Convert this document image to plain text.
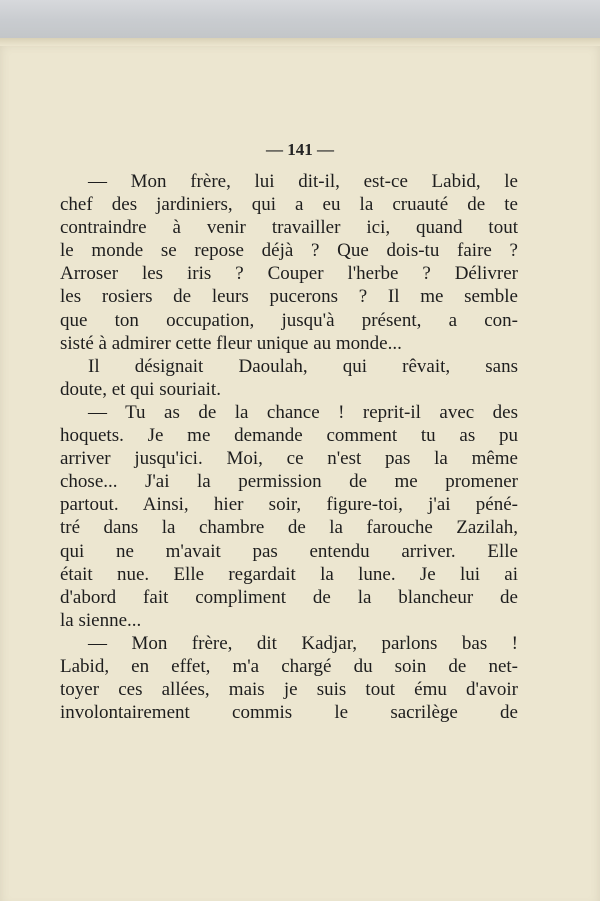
— 141 —
— Mon frère, lui dit-il, est-ce Labid, le
chef des jardiniers, qui a eu la cruauté de te
contraindre à venir travailler ici, quand tout
le monde se repose déjà ? Que dois-tu faire ?
Arroser les iris ? Couper l'herbe ? Délivrer
les rosiers de leurs pucerons ? Il me semble
que ton occupation, jusqu'à présent, a con-
sisté à admirer cette fleur unique au monde...
Il désignait Daoulah, qui rêvait, sans
doute, et qui souriait.
— Tu as de la chance ! reprit-il avec des
hoquets. Je me demande comment tu as pu
arriver jusqu'ici. Moi, ce n'est pas la même
chose... J'ai la permission de me promener
partout. Ainsi, hier soir, figure-toi, j'ai péné-
tré dans la chambre de la farouche Zazilah,
qui ne m'avait pas entendu arriver. Elle
était nue. Elle regardait la lune. Je lui ai
d'abord fait compliment de la blancheur de
la sienne...
— Mon frère, dit Kadjar, parlons bas !
Labid, en effet, m'a chargé du soin de net-
toyer ces allées, mais je suis tout ému d'avoir
involontairement commis le sacrilège de
